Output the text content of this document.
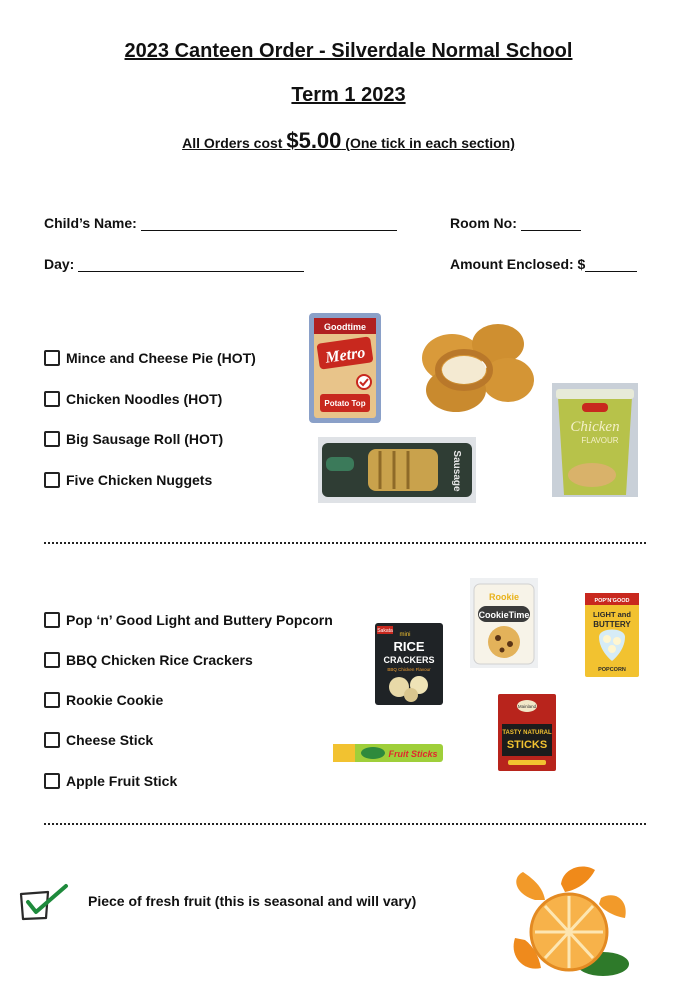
2023 Canteen Order - Silverdale Normal School
Term 1 2023
All Orders cost $5.00 (One tick in each section)
Child’s Name:	Room No:
Day:	Amount Enclosed: $
Mince and Cheese Pie (HOT)
Chicken Noodles (HOT)
Big Sausage Roll (HOT)
Five Chicken Nuggets
Goodtime
Metro
Potato Top
Chicken
FLAVOUR
Sausage
Pop ‘n’ Good Light and Buttery Popcorn
BBQ Chicken Rice Crackers
Rookie Cookie
Cheese Stick
Apple Fruit Stick
Sakata
mini
RICE
CRACKERS
BBQ Chicken Flavour
Rookie
CookieTime
POP'N'GOOD
LIGHT and
BUTTERY
POPCORN
Mainland
TASTY NATURAL
STICKS
Fruit Sticks
Piece of fresh fruit (this is seasonal and will vary)
